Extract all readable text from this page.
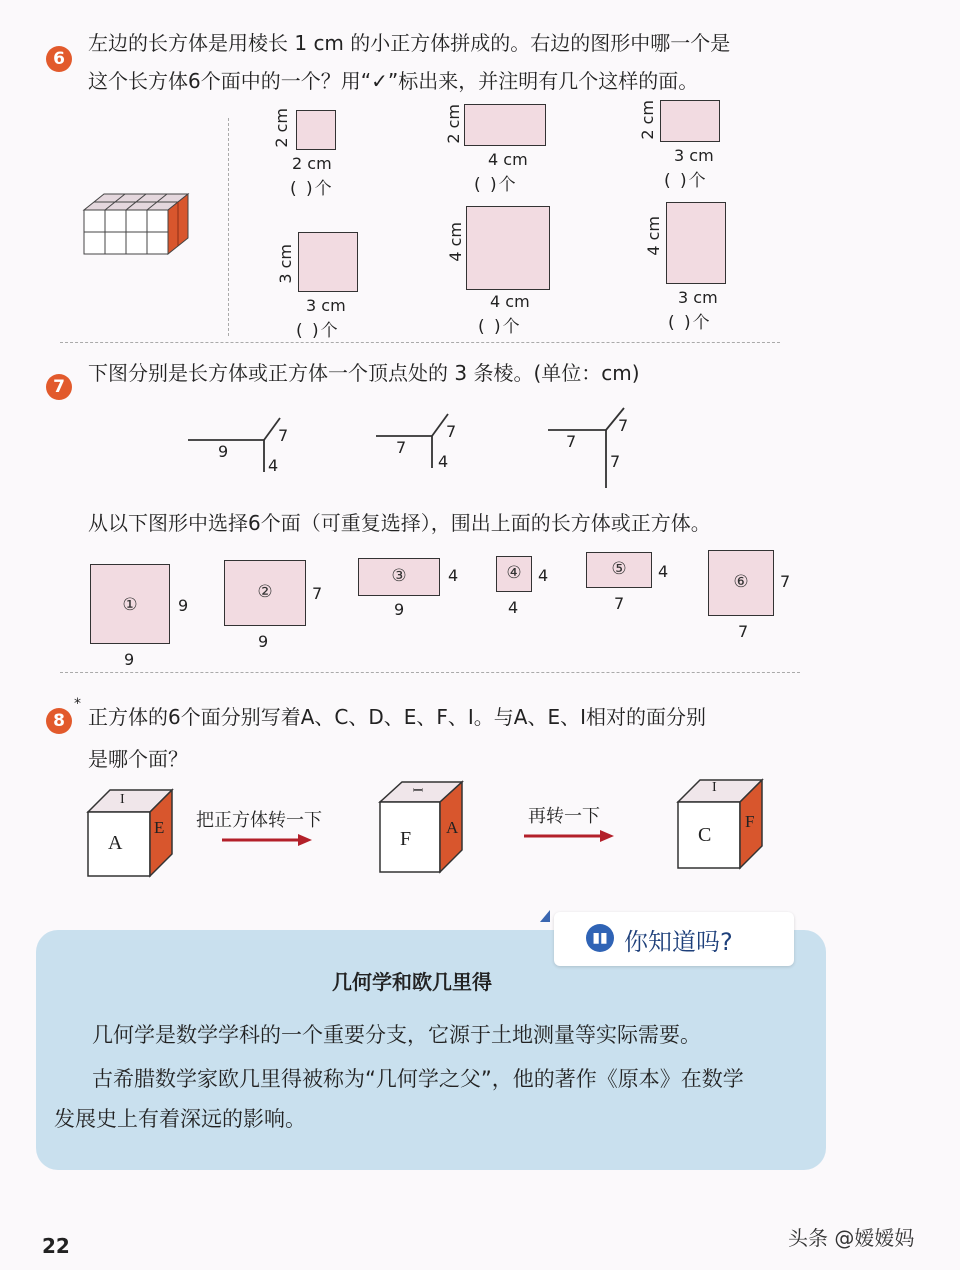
6
左边的长方体是用棱长 1 cm 的小正方体拼成的。右边的图形中哪一个是
这个长方体6个面中的一个？用“✓”标出来，并注明有几个这样的面。
2 cm
2 cm
( )个
2 cm
4 cm
( )个
2 cm
3 cm
( )个
3 cm
3 cm
( )个
4 cm
4 cm
( )个
4 cm
3 cm
( )个
7
下图分别是长方体或正方体一个顶点处的 3 条棱。(单位：cm)
9
7
4
7
7
4
7
7
7
从以下图形中选择6个面（可重复选择），围出上面的长方体或正方体。
①	9
9
②	7
9
③	4
9
④	4
4
⑤	4
7
⑥	7
7
8
*
正方体的6个面分别写着A、C、D、E、F、I。与A、E、I相对的面分别
是哪个面？
A
E
I
把正方体转一下
F
A
I
再转一下
C
F
I
▮▮ 你知道吗?
几何学和欧几里得
几何学是数学学科的一个重要分支，它源于土地测量等实际需要。
古希腊数学家欧几里得被称为“几何学之父”，他的著作《原本》在数学
发展史上有着深远的影响。
22	头条 @嫒嫒妈
